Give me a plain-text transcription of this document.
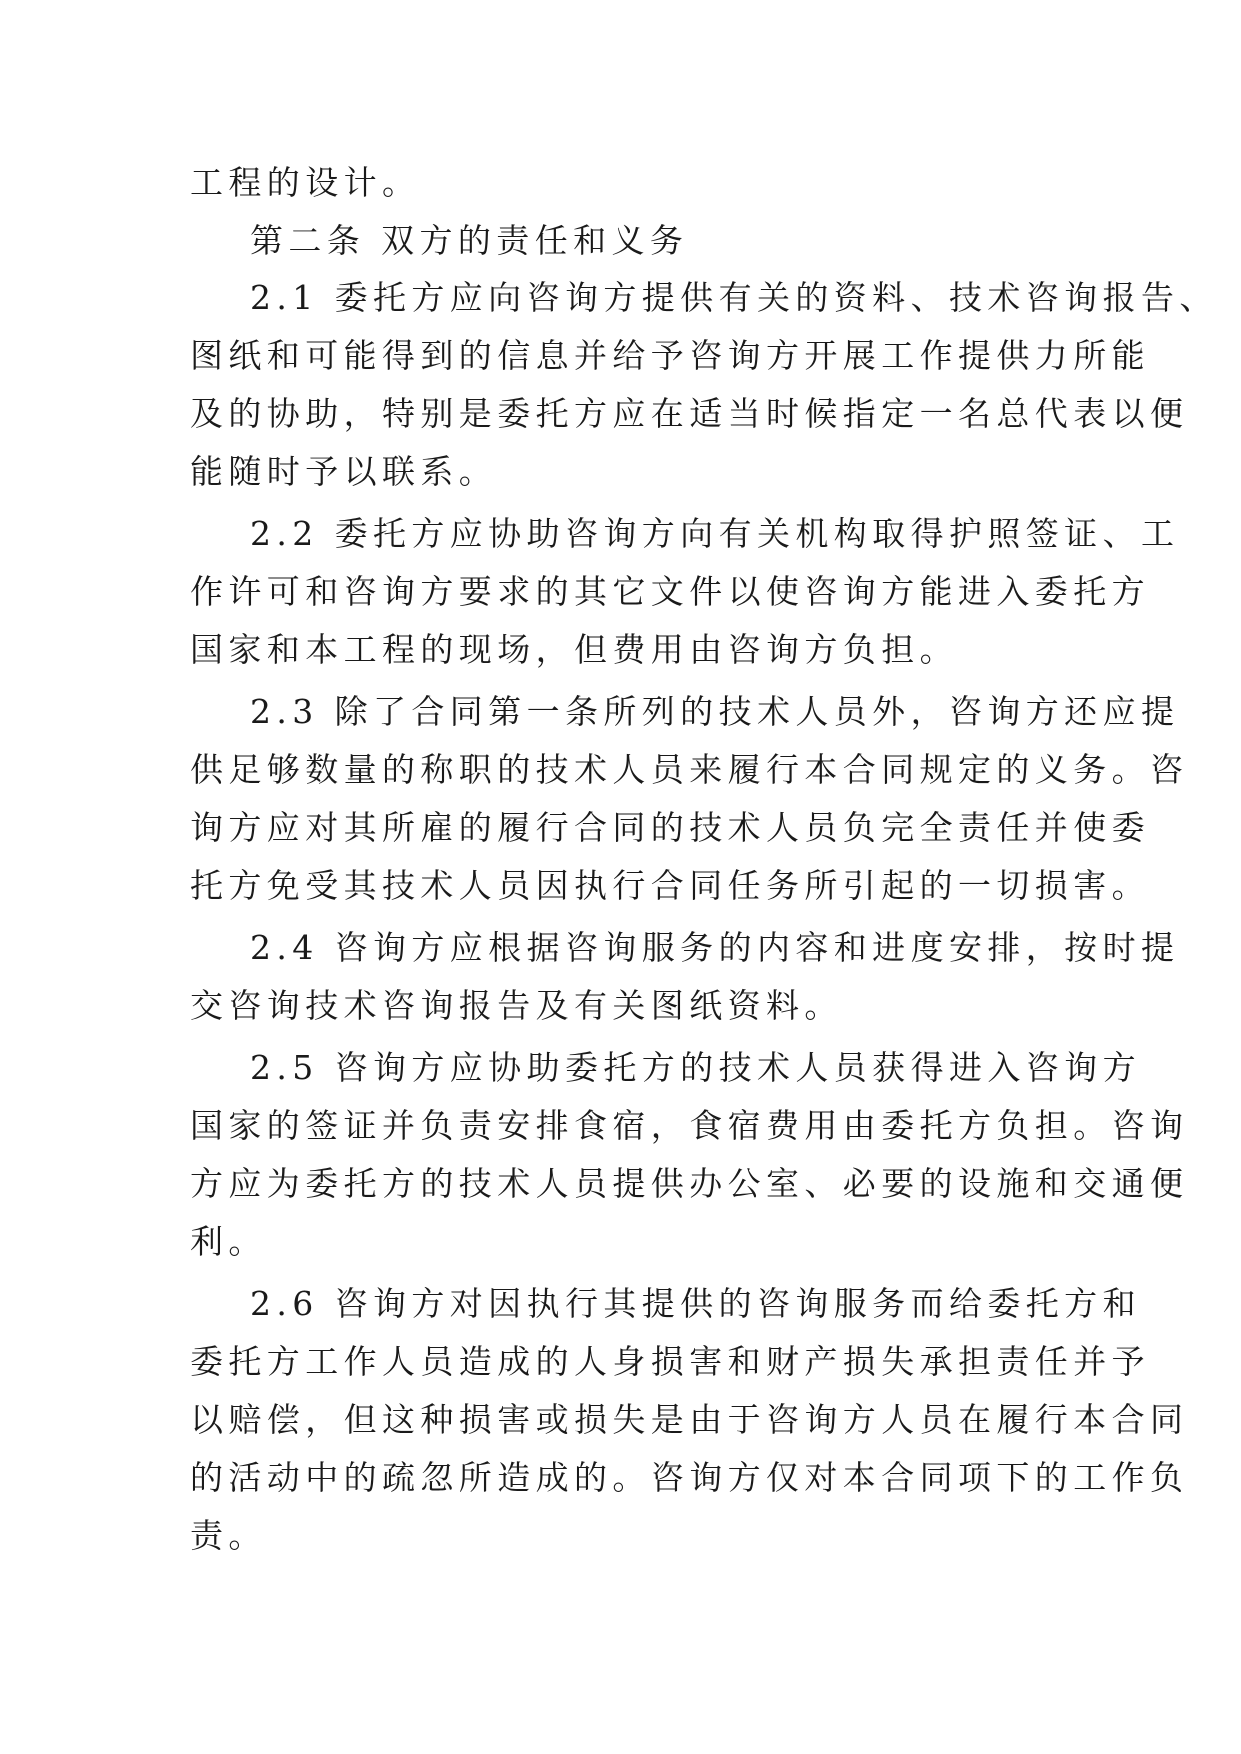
工程的设计。
第二条 双方的责任和义务
2.1 委托方应向咨询方提供有关的资料、技术咨询报告、
图纸和可能得到的信息并给予咨询方开展工作提供力所能
及的协助，特别是委托方应在适当时候指定一名总代表以便
能随时予以联系。
2.2 委托方应协助咨询方向有关机构取得护照签证、工
作许可和咨询方要求的其它文件以使咨询方能进入委托方
国家和本工程的现场，但费用由咨询方负担。
2.3 除了合同第一条所列的技术人员外，咨询方还应提
供足够数量的称职的技术人员来履行本合同规定的义务。咨
询方应对其所雇的履行合同的技术人员负完全责任并使委
托方免受其技术人员因执行合同任务所引起的一切损害。
2.4 咨询方应根据咨询服务的内容和进度安排，按时提
交咨询技术咨询报告及有关图纸资料。
2.5 咨询方应协助委托方的技术人员获得进入咨询方
国家的签证并负责安排食宿，食宿费用由委托方负担。咨询
方应为委托方的技术人员提供办公室、必要的设施和交通便
利。
2.6 咨询方对因执行其提供的咨询服务而给委托方和
委托方工作人员造成的人身损害和财产损失承担责任并予
以赔偿，但这种损害或损失是由于咨询方人员在履行本合同
的活动中的疏忽所造成的。咨询方仅对本合同项下的工作负
责。
